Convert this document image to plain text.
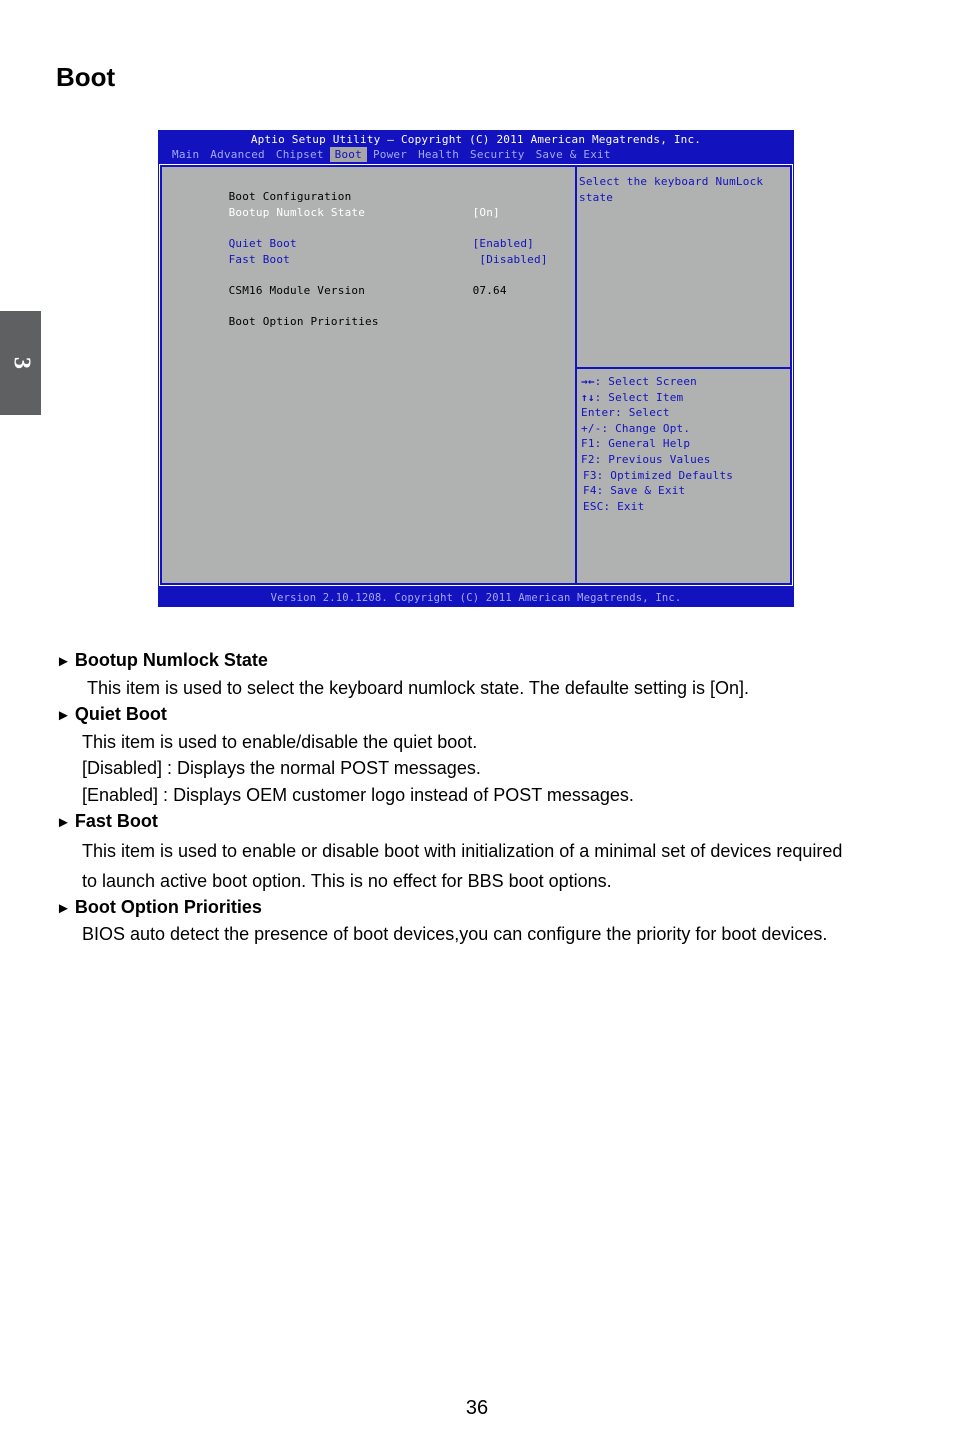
Boot
3
Aptio Setup Utility – Copyright (C) 2011 American Megatrends, Inc.
Main	Advanced	Chipset	Boot	Power	Health	Security	Save & Exit

Boot Configuration

Bootup Numlock State	[On]

Quiet Boot	[Enabled]

Fast Boot	[Disabled]

CSM16 Module Version	07.64

Boot Option Priorities

Select the keyboard NumLock
state
→←: Select Screen
↑↓: Select Item
Enter: Select
+/-: Change Opt.
F1: General Help
F2: Previous Values
F3: Optimized Defaults
F4: Save & Exit
ESC: Exit
Version 2.10.1208. Copyright (C) 2011 American Megatrends, Inc.
► Bootup Numlock State
This item is used to select the keyboard numlock state. The defaulte setting is [On].
► Quiet Boot
This item is used to enable/disable the quiet boot.
[Disabled] : Displays the normal POST messages.
[Enabled] : Displays OEM customer logo instead of POST messages.
► Fast Boot
This item is used to enable or disable boot with initialization of a minimal set of devices required
to launch active boot option. This is no effect for BBS boot options.
► Boot Option Priorities
BIOS auto detect the presence of boot devices,you can configure the priority for boot devices.
36
